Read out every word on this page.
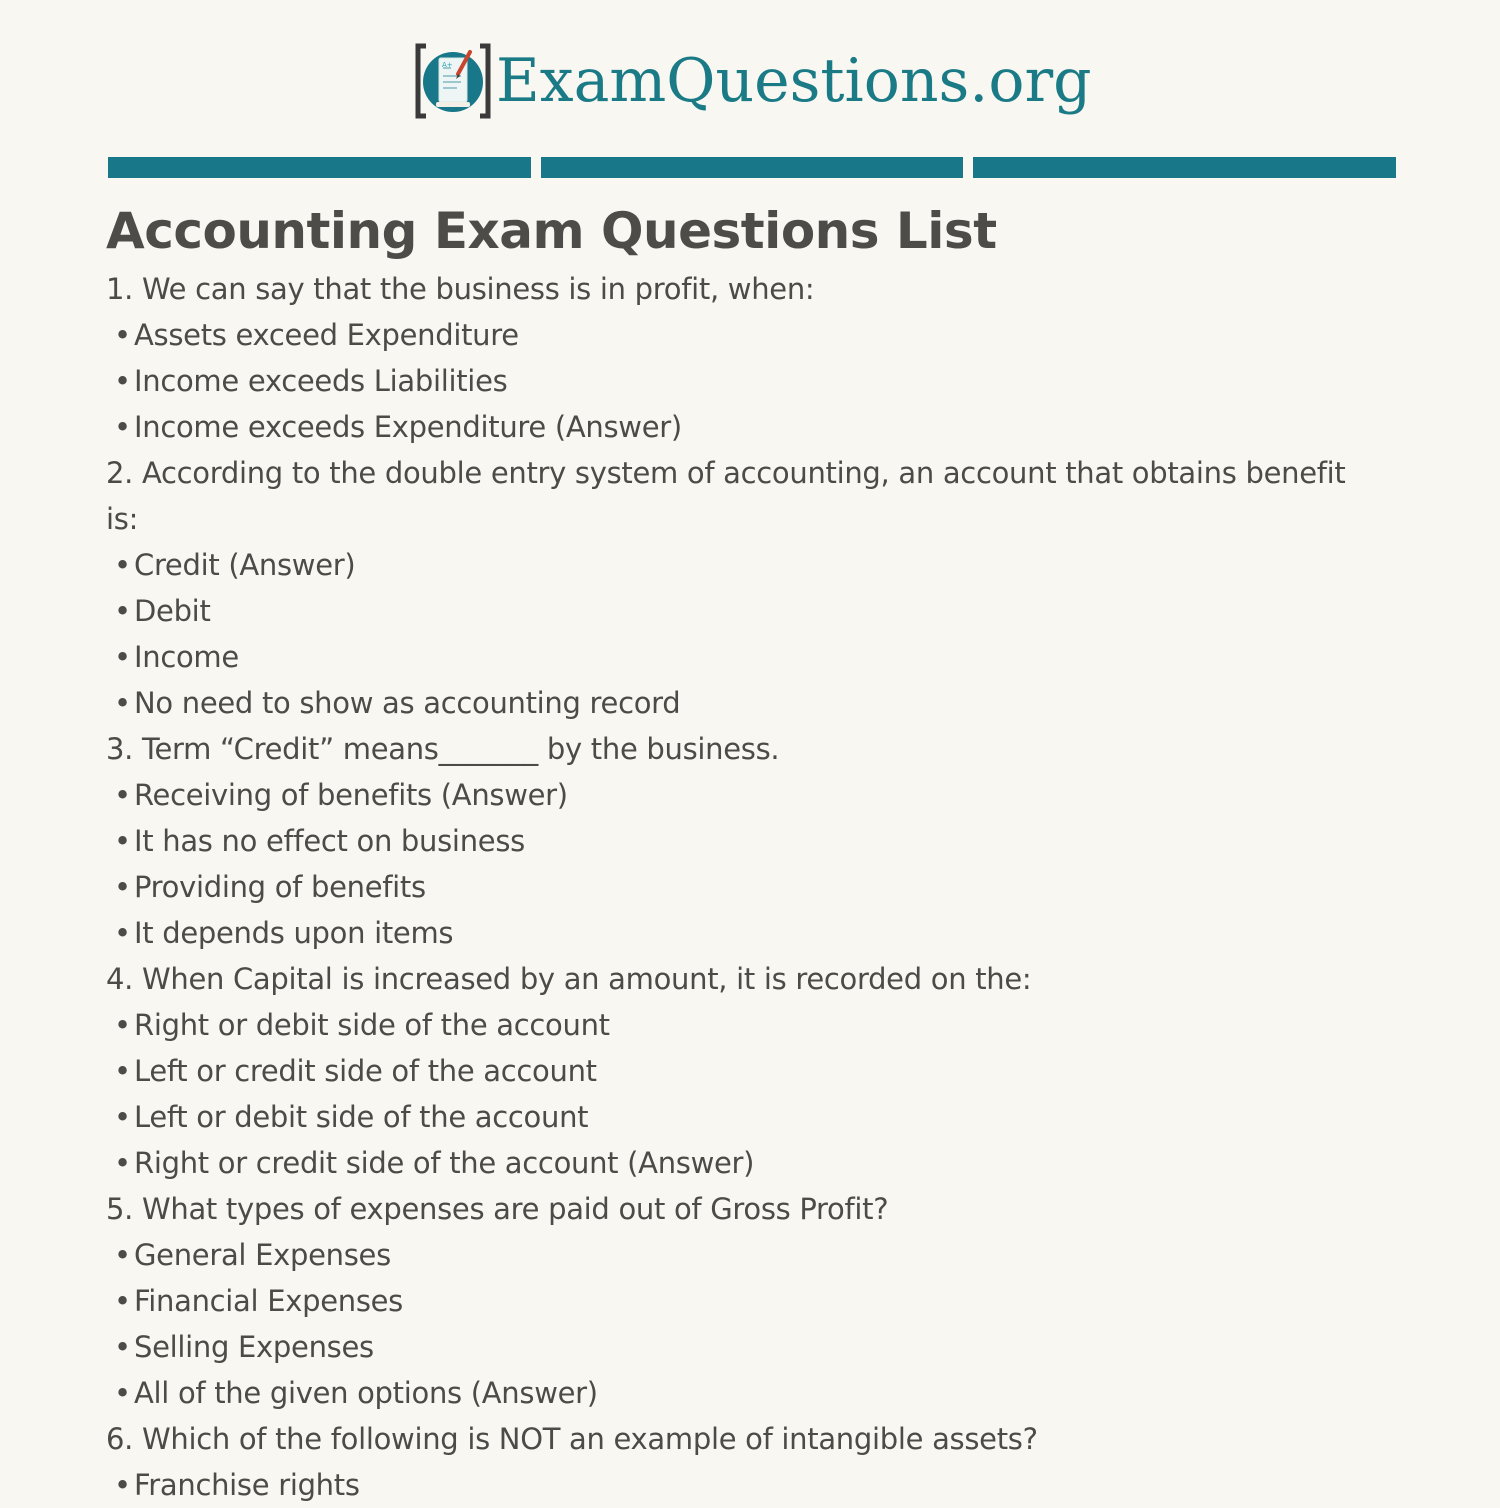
A+ ExamQuestions.org
Accounting Exam Questions List
1. We can say that the business is in profit, when:
• Assets exceed Expenditure
• Income exceeds Liabilities
• Income exceeds Expenditure (Answer)
2. According to the double entry system of accounting, an account that obtains benefit is:
• Credit (Answer)
• Debit
• Income
• No need to show as accounting record
3. Term “Credit” means_______ by the business.
• Receiving of benefits (Answer)
• It has no effect on business
• Providing of benefits
• It depends upon items
4. When Capital is increased by an amount, it is recorded on the:
• Right or debit side of the account
• Left or credit side of the account
• Left or debit side of the account
• Right or credit side of the account (Answer)
5. What types of expenses are paid out of Gross Profit?
• General Expenses
• Financial Expenses
• Selling Expenses
• All of the given options (Answer)
6. Which of the following is NOT an example of intangible assets?
• Franchise rights
